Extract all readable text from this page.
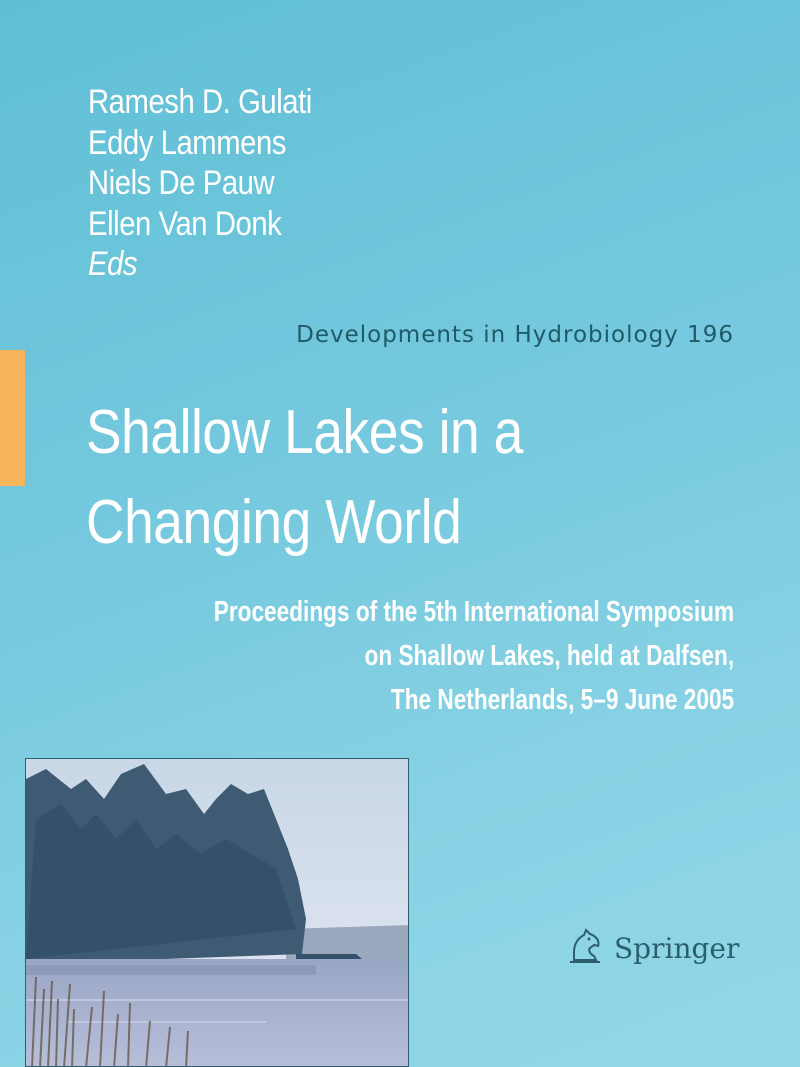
Ramesh D. Gulati
Eddy Lammens
Niels De Pauw
Ellen Van Donk
Eds
Developments in Hydrobiology 196
Shallow Lakes in a
Changing World
Proceedings of the 5th International Symposium
on Shallow Lakes, held at Dalfsen,
The Netherlands, 5–9 June 2005
Springer
